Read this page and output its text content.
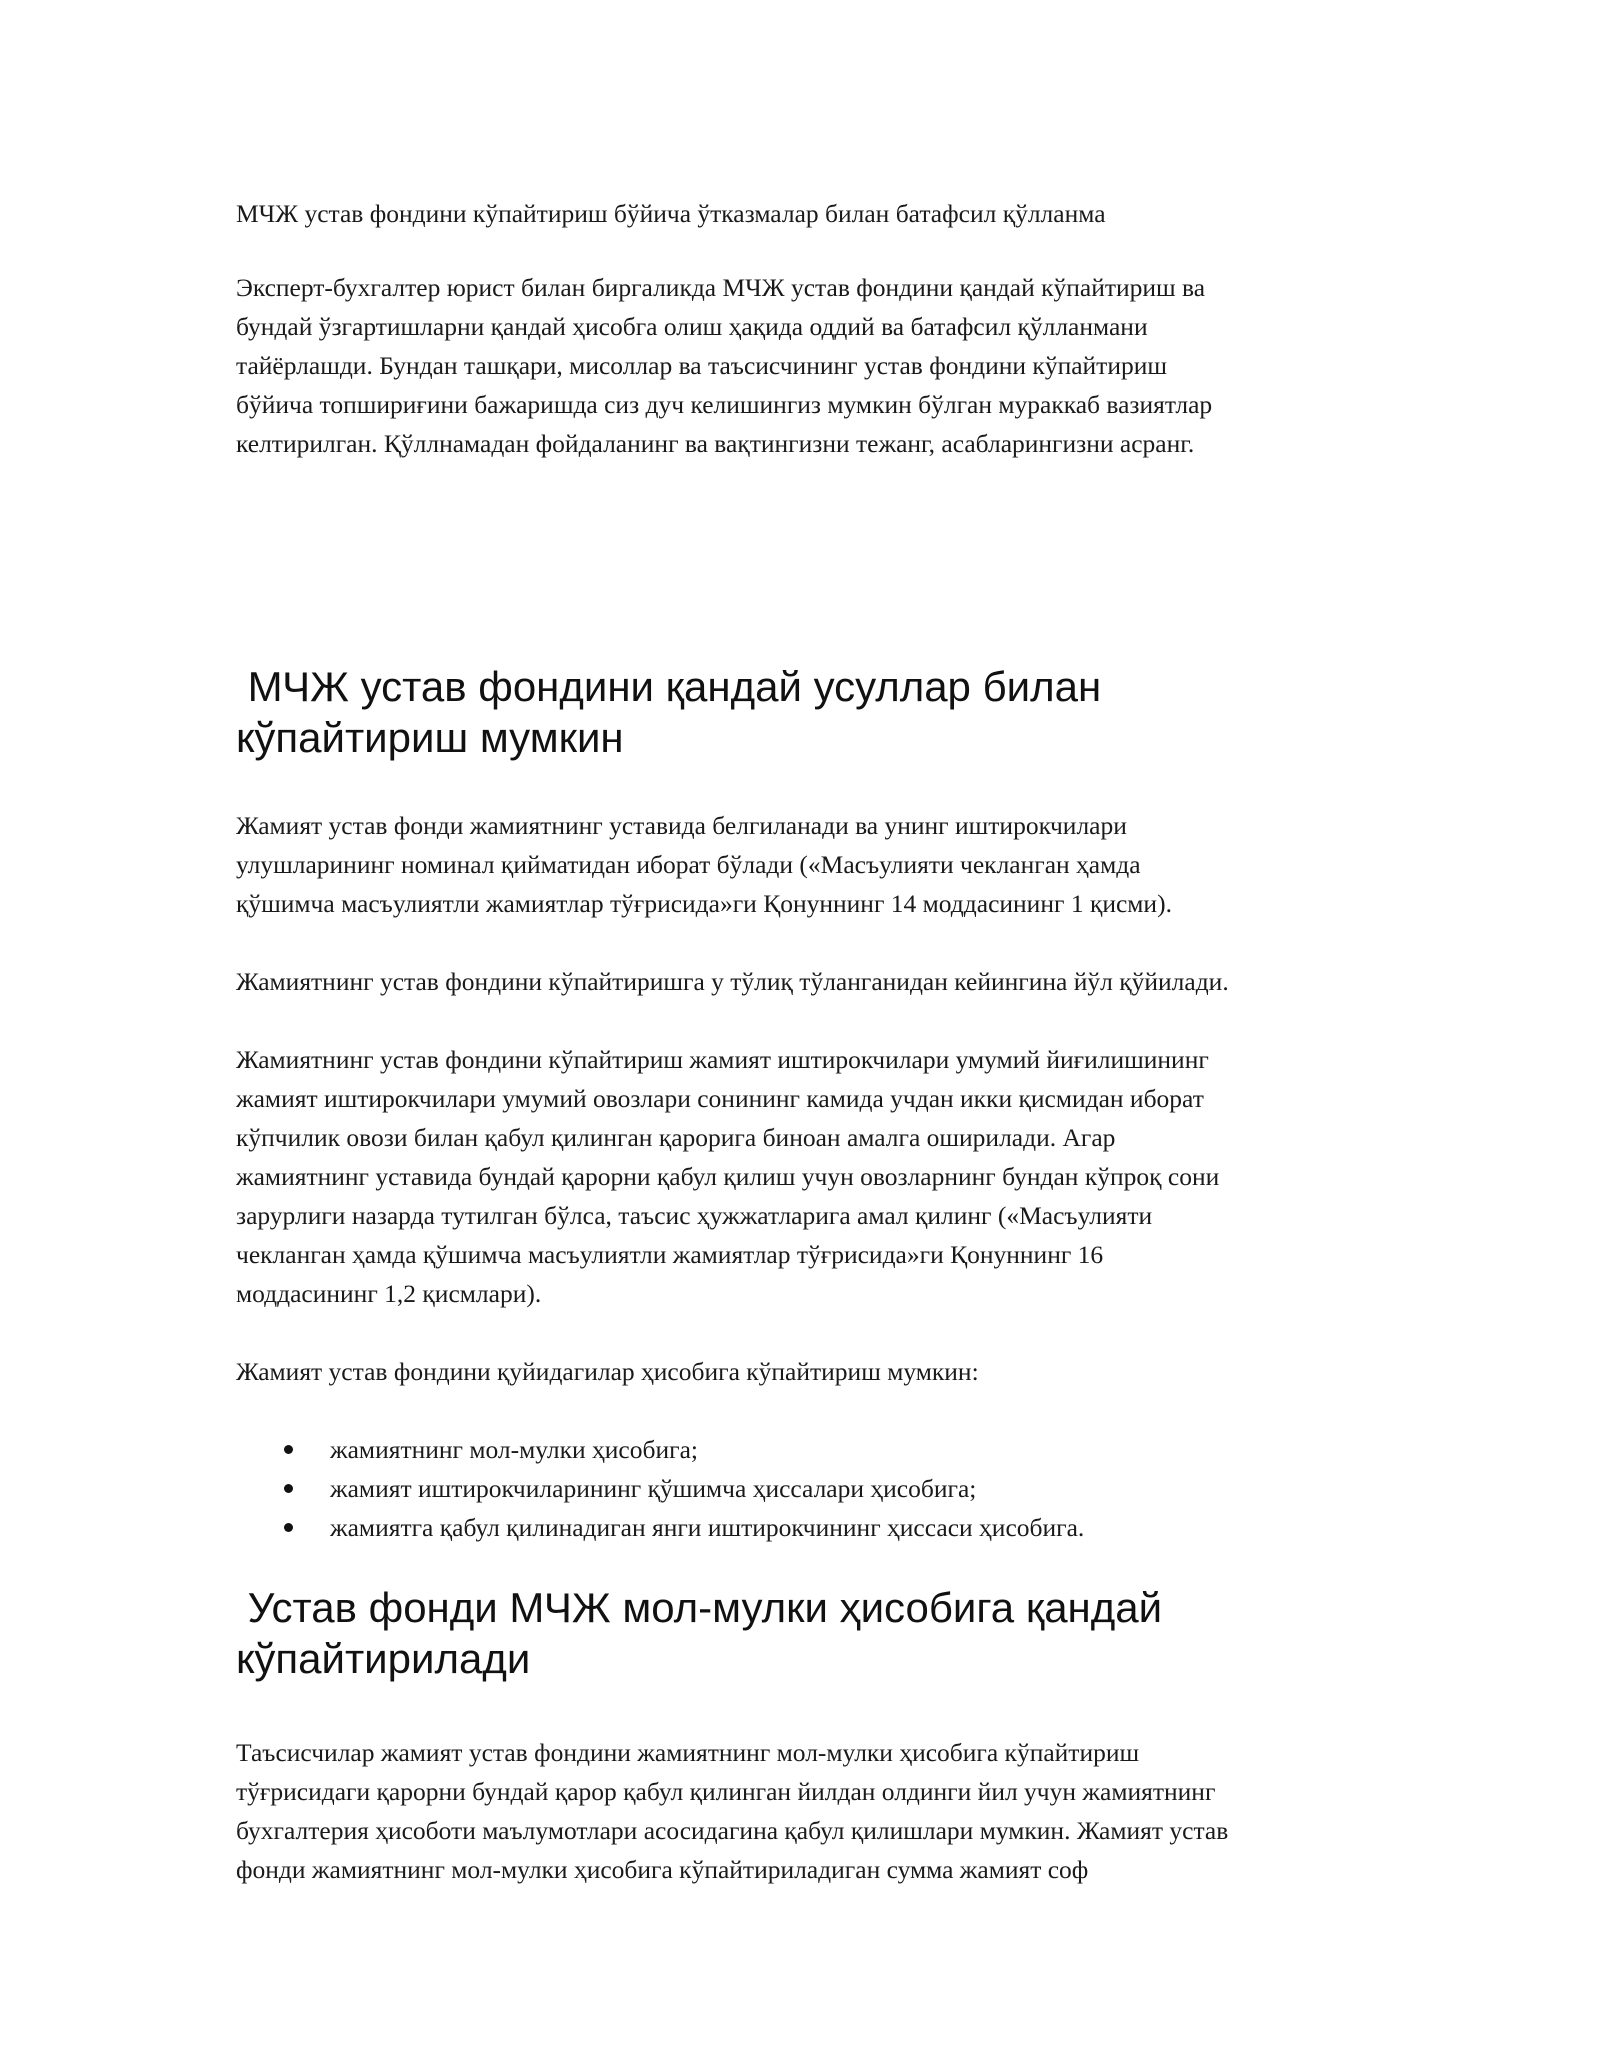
МЧЖ устав фондини кўпайтириш бўйича ўтказмалар билан батафсил қўлланма

Эксперт-бухгалтер юрист билан биргаликда МЧЖ устав фондини қандай кўпайтириш ва
бундай ўзгартишларни қандай ҳисобга олиш ҳақида оддий ва батафсил қўлланмани
тайёрлашди. Бундан ташқари, мисоллар ва таъсисчининг устав фондини кўпайтириш
бўйича топшириғини бажаришда сиз дуч келишингиз мумкин бўлган мураккаб вазиятлар
келтирилган. Қўллнамадан фойдаланинг ва вақтингизни тежанг, асабларингизни асранг.

МЧЖ устав фондини қандай усуллар билан
кўпайтириш мумкин

Жамият устав фонди жамиятнинг уставида белгиланади ва унинг иштирокчилари
улушларининг номинал қийматидан иборат бўлади («Масъулияти чекланган ҳамда
қўшимча масъулиятли жамиятлар тўғрисида»ги Қонуннинг 14 моддасининг 1 қисми).

Жамиятнинг устав фондини кўпайтиришга у тўлиқ тўланганидан кейингина йўл қўйилади.

Жамиятнинг устав фондини кўпайтириш жамият иштирокчилари умумий йиғилишининг
жамият иштирокчилари умумий овозлари сонининг камида учдан икки қисмидан иборат
кўпчилик овози билан қабул қилинган қарорига биноан амалга оширилади. Агар
жамиятнинг уставида бундай қарорни қабул қилиш учун овозларнинг бундан кўпроқ сони
зарурлиги назарда тутилган бўлса, таъсис ҳужжатларига амал қилинг («Масъулияти
чекланган ҳамда қўшимча масъулиятли жамиятлар тўғрисида»ги Қонуннинг 16
моддасининг 1,2 қисмлари).

Жамият устав фондини қуйидагилар ҳисобига кўпайтириш мумкин:

жамиятнинг мол-мулки ҳисобига;
жамият иштирокчиларининг қўшимча ҳиссалари ҳисобига;
жамиятга қабул қилинадиган янги иштирокчининг ҳиссаси ҳисобига.
Устав фонди МЧЖ мол-мулки ҳисобига қандай
кўпайтирилади

Таъсисчилар жамият устав фондини жамиятнинг мол-мулки ҳисобига кўпайтириш
тўғрисидаги қарорни бундай қарор қабул қилинган йилдан олдинги йил учун жамиятнинг
бухгалтерия ҳисоботи маълумотлари асосидагина қабул қилишлари мумкин. Жамият устав
фонди жамиятнинг мол-мулки ҳисобига кўпайтириладиган сумма жамият соф
